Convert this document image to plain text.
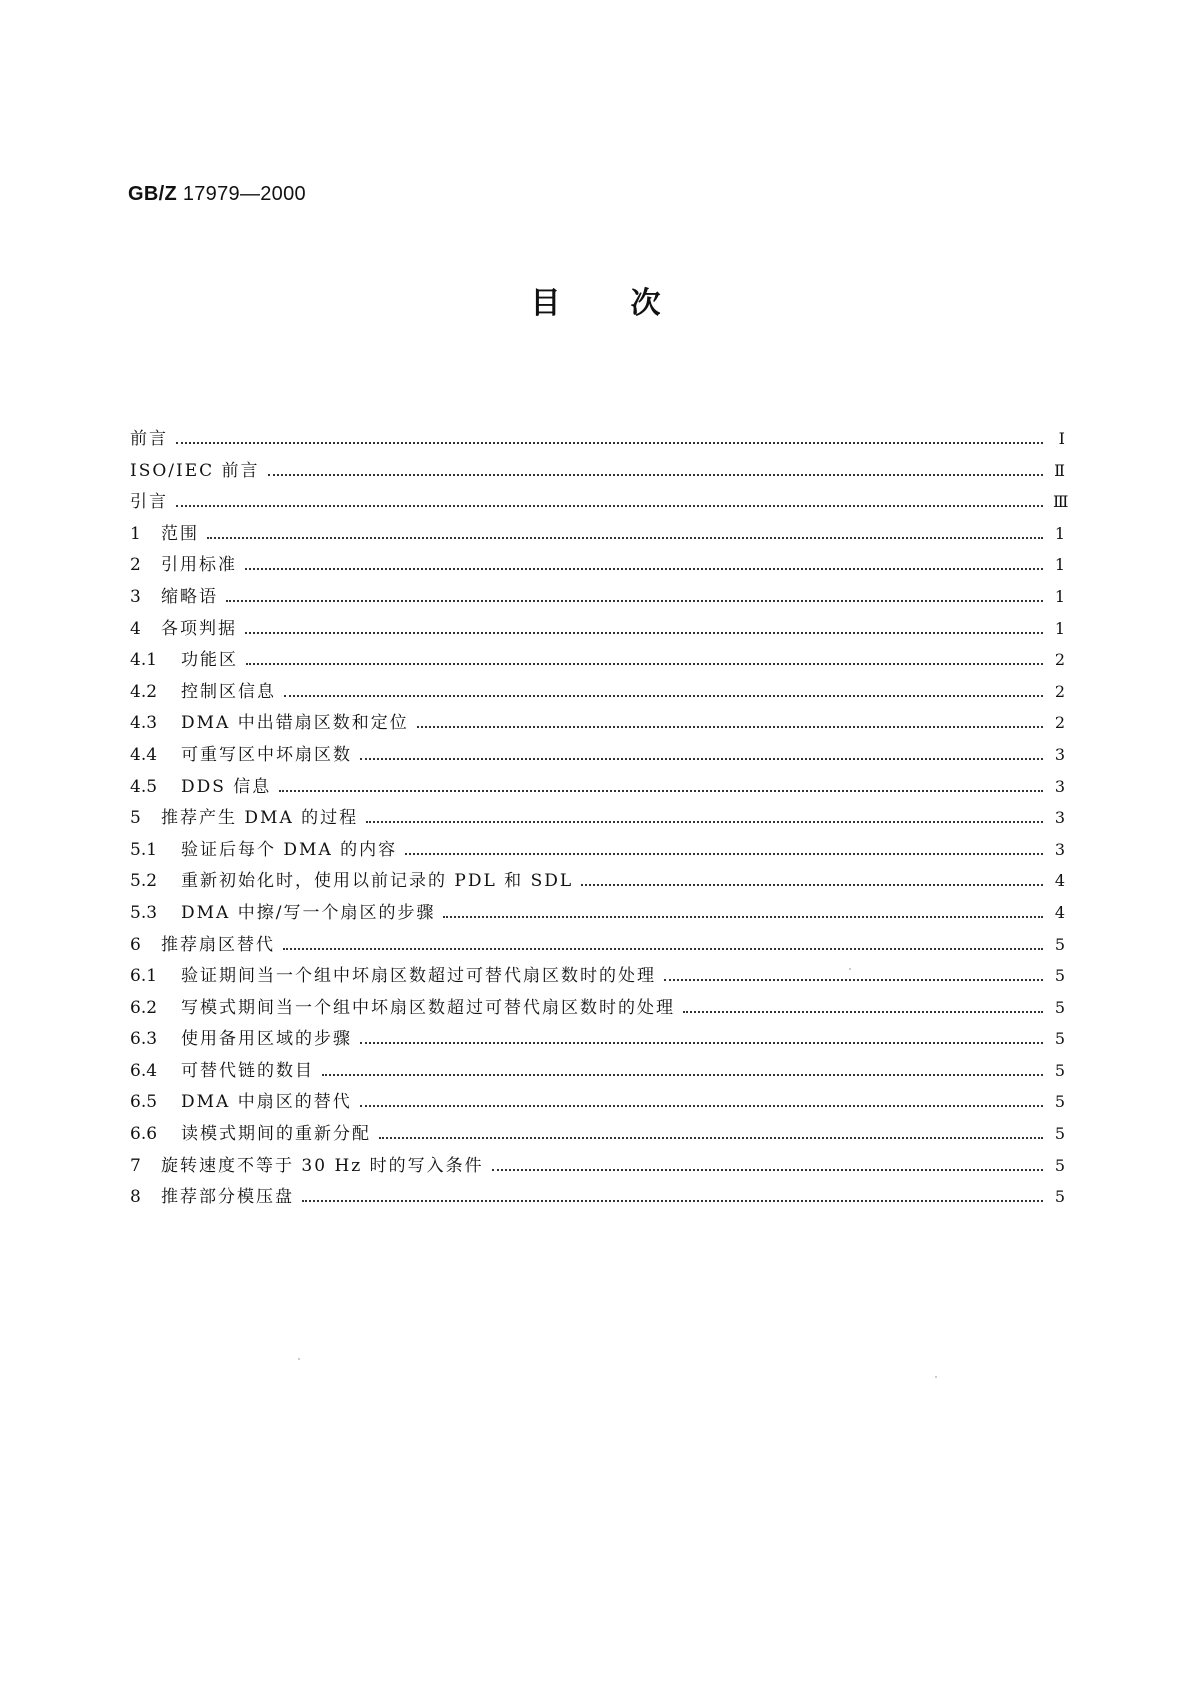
GB/Z 17979—2000
目次
前言	I
ISO/IEC 前言	Ⅱ
引言	Ⅲ
1	范围	1
2	引用标准	1
3	缩略语	1
4	各项判据	1
4.1	功能区	2
4.2	控制区信息	2
4.3	DMA 中出错扇区数和定位	2
4.4	可重写区中坏扇区数	3
4.5	DDS 信息	3
5	推荐产生 DMA 的过程	3
5.1	验证后每个 DMA 的内容	3
5.2	重新初始化时，使用以前记录的 PDL 和 SDL	4
5.3	DMA 中擦/写一个扇区的步骤	4
6	推荐扇区替代	5
6.1	验证期间当一个组中坏扇区数超过可替代扇区数时的处理	5
6.2	写模式期间当一个组中坏扇区数超过可替代扇区数时的处理	5
6.3	使用备用区域的步骤	5
6.4	可替代链的数目	5
6.5	DMA 中扇区的替代	5
6.6	读模式期间的重新分配	5
7	旋转速度不等于 30 Hz 时的写入条件	5
8	推荐部分模压盘	5
